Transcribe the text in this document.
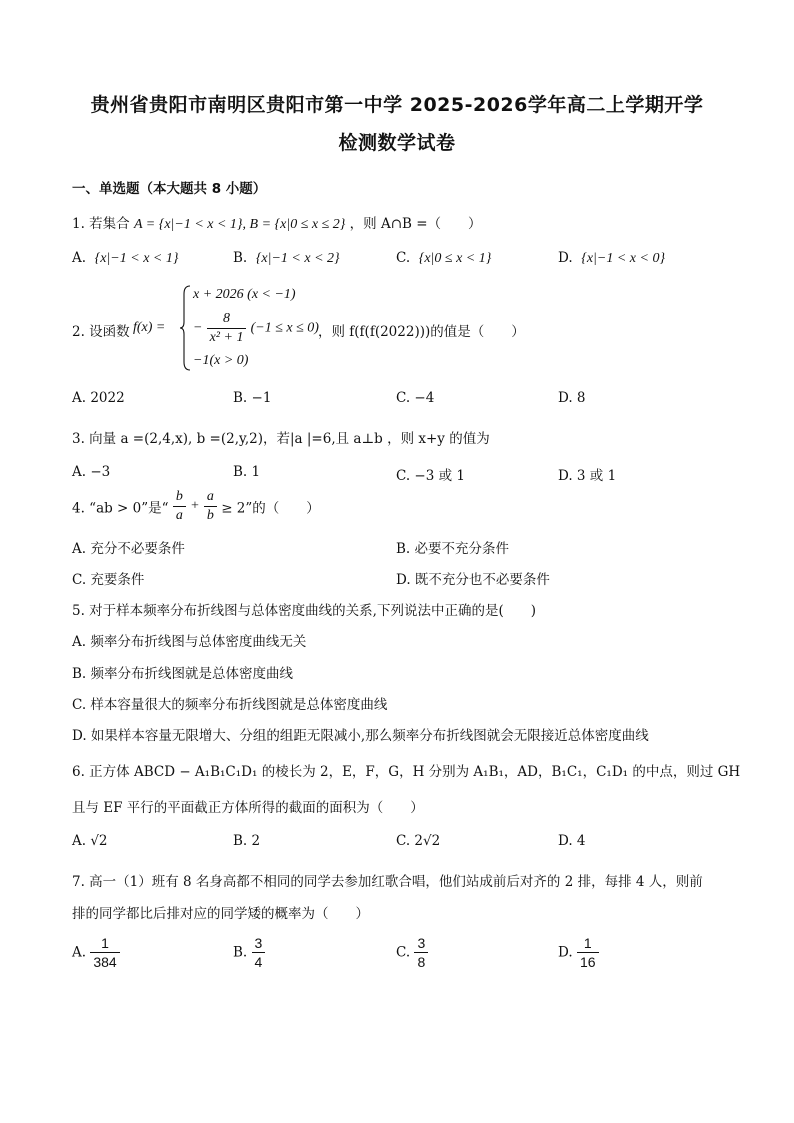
贵州省贵阳市南明区贵阳市第一中学 2025-2026学年高二上学期开学
检测数学试卷
一、单选题（本大题共 8 小题）
1. 若集合 A = {x|−1 < x < 1}, B = {x|0 ≤ x ≤ 2} ，则 A∩B =（　　）
A. {x|−1 < x < 1}	B. {x|−1 < x < 2}	C. {x|0 ≤ x < 1}	D. {x|−1 < x < 0}
2. 设函数 f(x) =
x + 2026 (x < −1)
− $\frac{8}{\text{x² + 1}} (-1 \le x \le 0)$
−1(x > 0)
，则 f(f(f(2022)))的值是（　　）
A. 2022	B. −1	C. −4	D. 8
3. 向量 a =(2,4,x), b =(2,y,2)，若|a |=6,且 a⊥b ，则 x+y 的值为
A. −3	B. 1	C. −3 或 1	D. 3 或 1
4. “ab > 0”是“ $\frac{b}{a} + \frac{a}{b} \ge 2$”的（　　）
A. 充分不必要条件	B. 必要不充分条件
C. 充要条件	D. 既不充分也不必要条件
5. 对于样本频率分布折线图与总体密度曲线的关系,下列说法中正确的是(　　)
A. 频率分布折线图与总体密度曲线无关
B. 频率分布折线图就是总体密度曲线
C. 样本容量很大的频率分布折线图就是总体密度曲线
D. 如果样本容量无限增大、分组的组距无限减小,那么频率分布折线图就会无限接近总体密度曲线
6. 正方体 ABCD − A₁B₁C₁D₁ 的棱长为 2，E，F，G，H 分别为 A₁B₁，AD，B₁C₁，C₁D₁ 的中点，则过 GH
且与 EF 平行的平面截正方体所得的截面的面积为（　　）
A. √2	B. 2	C. 2√2	D. 4
7. 高一（1）班有 8 名身高都不相同的同学去参加红歌合唱，他们站成前后对齐的 2 排，每排 4 人，则前
排的同学都比后排对应的同学矮的概率为（　　）
A. $\frac{1}{384}$	B. $\frac{3}{4}$	C. $\frac{3}{8}$	D. $\frac{1}{16}$
